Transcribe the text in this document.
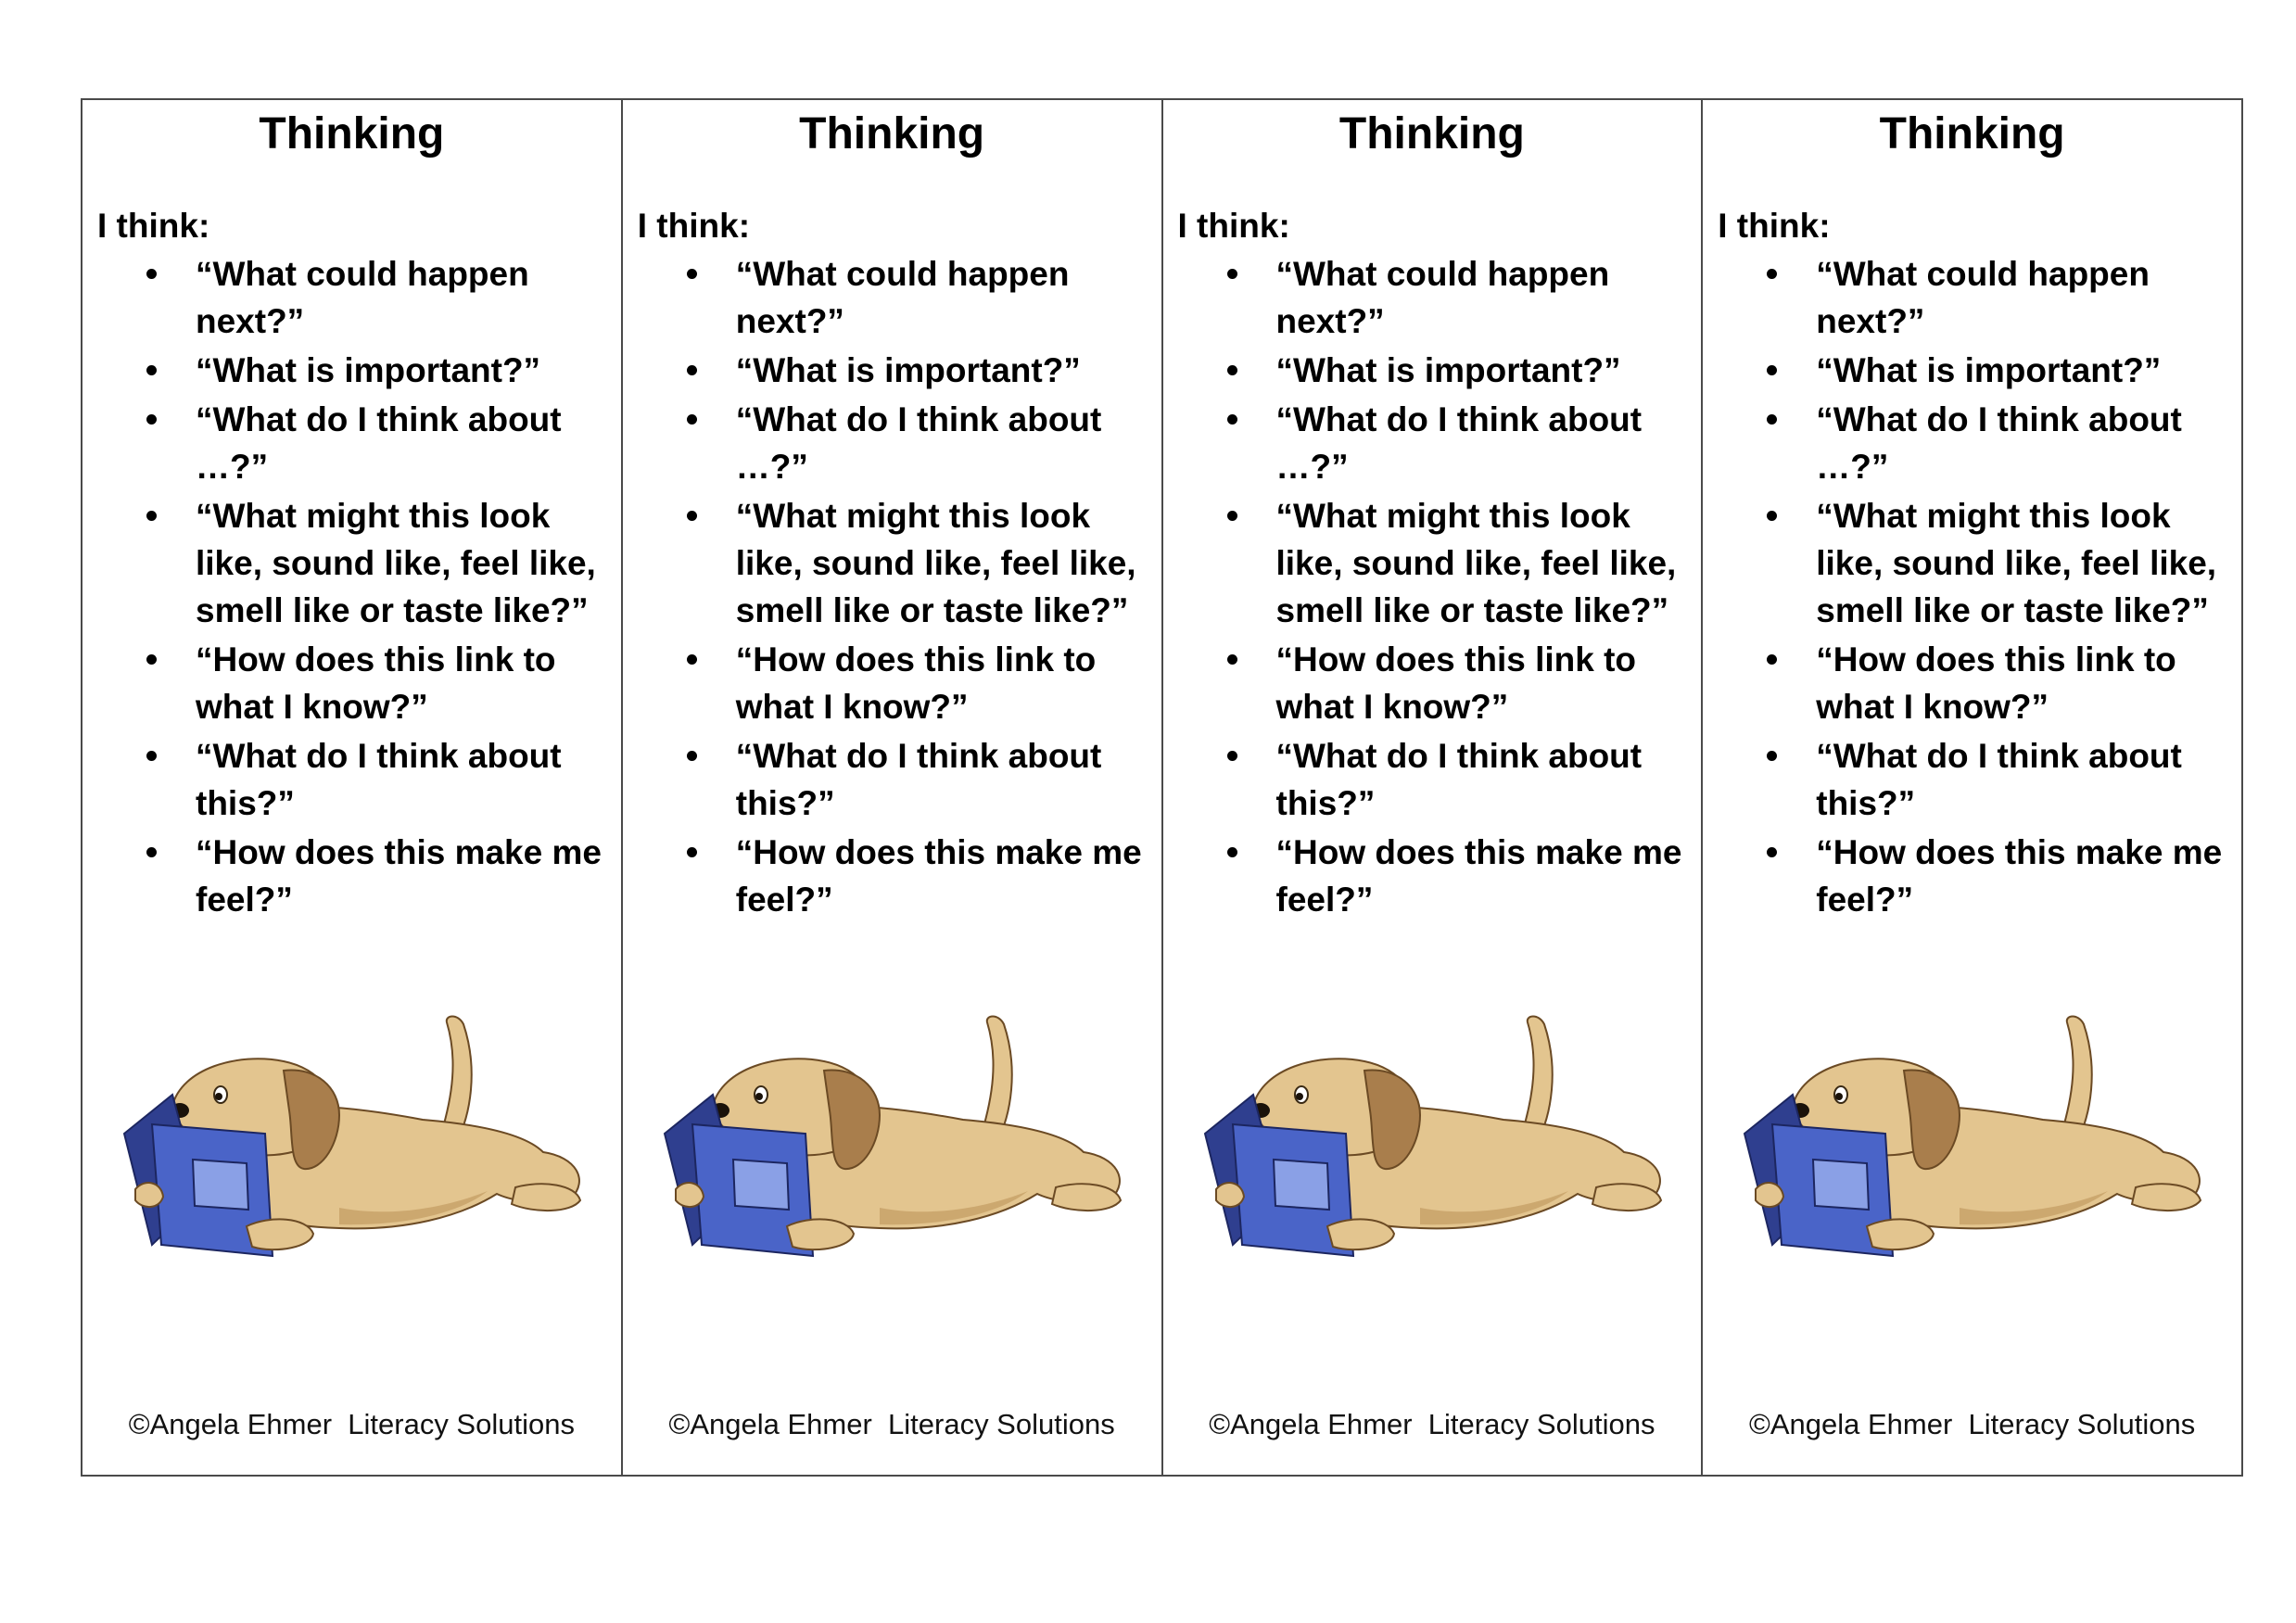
Thinking

I think:

“What could happen next?”
“What is important?”
“What do I think about …?”
“What might this look like, sound like, feel like, smell like or taste like?”
“How does this link to what I know?”
“What do I think about this?”
“How does this make me feel?”

©Angela Ehmer  Literacy Solutions

Thinking

I think:

“What could happen next?”
“What is important?”
“What do I think about …?”
“What might this look like, sound like, feel like, smell like or taste like?”
“How does this link to what I know?”
“What do I think about this?”
“How does this make me feel?”

©Angela Ehmer  Literacy Solutions

Thinking

I think:

“What could happen next?”
“What is important?”
“What do I think about …?”
“What might this look like, sound like, feel like, smell like or taste like?”
“How does this link to what I know?”
“What do I think about this?”
“How does this make me feel?”

©Angela Ehmer  Literacy Solutions

Thinking

I think:

“What could happen next?”
“What is important?”
“What do I think about …?”
“What might this look like, sound like, feel like, smell like or taste like?”
“How does this link to what I know?”
“What do I think about this?”
“How does this make me feel?”

©Angela Ehmer  Literacy Solutions
